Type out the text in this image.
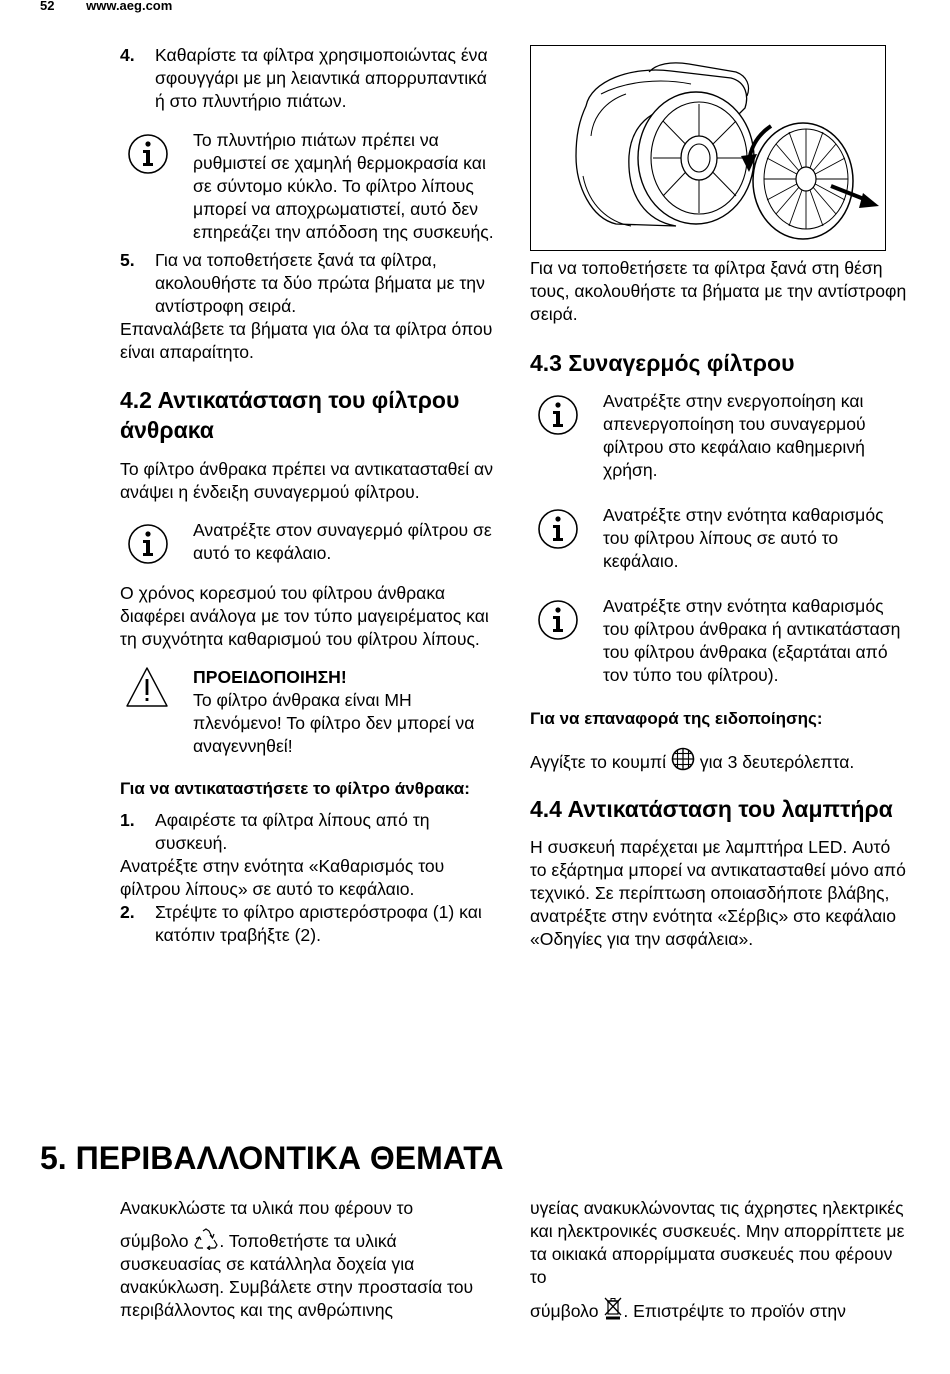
52 www.aeg.com
4. Καθαρίστε τα φίλτρα χρησιμοποιώντας ένα σφουγγάρι με μη λειαντικά απορρυπαντικά ή στο πλυντήριο πιάτων.
Το πλυντήριο πιάτων πρέπει να ρυθμιστεί σε χαμηλή θερμοκρασία και σε σύντομο κύκλο. Το φίλτρο λίπους μπορεί να αποχρωματιστεί, αυτό δεν επηρεάζει την απόδοση της συσκευής.
5. Για να τοποθετήσετε ξανά τα φίλτρα, ακολουθήστε τα δύο πρώτα βήματα με την αντίστροφη σειρά.

Επαναλάβετε τα βήματα για όλα τα φίλτρα όπου είναι απαραίτητο.

4.2 Αντικατάσταση του φίλτρου άνθρακα

Το φίλτρο άνθρακα πρέπει να αντικατασταθεί αν ανάψει η ένδειξη συναγερμού φίλτρου.

Ανατρέξτε στον συναγερμό φίλτρου σε αυτό το κεφάλαιο.

Ο χρόνος κορεσμού του φίλτρου άνθρακα διαφέρει ανάλογα με τον τύπο μαγειρέματος και τη συχνότητα καθαρισμού του φίλτρου λίπους.

ΠΡΟΕΙΔΟΠΟΙΗΣΗ!
Το φίλτρο άνθρακα είναι ΜΗ πλενόμενο! Το φίλτρο δεν μπορεί να αναγεννηθεί!
Για να αντικαταστήσετε το φίλτρο άνθρακα:
1. Αφαιρέστε τα φίλτρα λίπους από τη συσκευή.

Ανατρέξτε στην ενότητα «Καθαρισμός του φίλτρου λίπους» σε αυτό το κεφάλαιο.

2. Στρέψτε το φίλτρο αριστερόστροφα (1) και κατόπιν τραβήξτε (2).

Για να τοποθετήσετε τα φίλτρα ξανά στη θέση τους, ακολουθήστε τα βήματα με την αντίστροφη σειρά.

4.3 Συναγερμός φίλτρου
Ανατρέξτε στην ενεργοποίηση και απενεργοποίηση του συναγερμού φίλτρου στο κεφάλαιο καθημερινή χρήση.
Ανατρέξτε στην ενότητα καθαρισμός του φίλτρου λίπους σε αυτό το κεφάλαιο.
Ανατρέξτε στην ενότητα καθαρισμός του φίλτρου άνθρακα ή αντικατάσταση του φίλτρου άνθρακα (εξαρτάται από τον τύπο του φίλτρου).
Για να επαναφορά της ειδοποίησης:

Αγγίξτε το κουμπί  για 3 δευτερόλεπτα.

4.4 Αντικατάσταση του λαμπτήρα

Η συσκευή παρέχεται με λαμπτήρα LED. Αυτό το εξάρτημα μπορεί να αντικατασταθεί μόνο από τεχνικό. Σε περίπτωση οποιασδήποτε βλάβης, ανατρέξτε στην ενότητα «Σέρβις» στο κεφάλαιο «Οδηγίες για την ασφάλεια».

5. ΠΕΡΙΒΑΛΛΟΝΤΙΚΑ ΘΕΜΑΤΑ

Ανακυκλώστε τα υλικά που φέρουν το

σύμβολο . Τοποθετήστε τα υλικά συσκευασίας σε κατάλληλα δοχεία για ανακύκλωση. Συμβάλετε στην προστασία του περιβάλλοντος και της ανθρώπινης

υγείας ανακυκλώνοντας τις άχρηστες ηλεκτρικές και ηλεκτρονικές συσκευές. Μην απορρίπτετε με τα οικιακά απορρίμματα συσκευές που φέρουν το

σύμβολο . Επιστρέψτε το προϊόν στην
